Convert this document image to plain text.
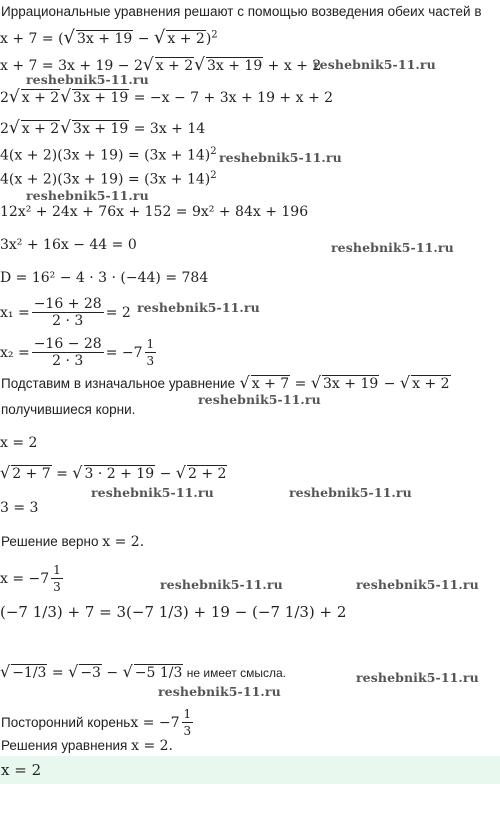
Иррациональные уравнения решают с помощью возведения обеих частей в
x + 7 = (√ 3x + 19 − √ x + 2)$^2$
x + 7 = 3x + 19 − 2√ x + 2√ 3x + 19 + x + 2
reshebnik5-11.ru
reshebnik5-11.ru
2√ x + 2√ 3x + 19 = −x − 7 + 3x + 19 + x + 2
2√ x + 2√ 3x + 19 = 3x + 14
$4(x + 2)(3x + 19) = (3x + 14)^2$ reshebnik5-11.ru
$4(x + 2)(3x + 19) = (3x + 14)^2$
reshebnik5-11.ru
12x² + 24x + 76x + 152 = 9x² + 84x + 196
3x² + 16x − 44 = 0	reshebnik5-11.ru
D = 16² − 4 · 3 · (−44) = 784
$x_1 = \frac{-16 + 28}{2 \cdot 3} = 2$ reshebnik5-11.ru
$x_2 = \frac{-16 - 28}{2 \cdot 3} = -7 \frac{1}{3}$
Подставим в изначальное уравнение √ x + 7 = √ 3x + 19 − √ x + 2
reshebnik5-11.ru
получившиеся корни.
x = 2
√ 2 + 7 = √ 3 · 2 + 19 − √ 2 + 2
reshebnik5-11.ru	reshebnik5-11.ru
3 = 3
Решение верно x = 2.
$x = -7 \frac{1}{3}$	reshebnik5-11.ru	reshebnik5-11.ru
(−7 1/3) + 7 = 3(−7 1/3) + 19 − (−7 1/3) + 2
√ −1/3 = √ −3 − √ −5 1/3 не имеет смысла.
reshebnik5-11.ru
reshebnik5-11.ru
Посторонний корень $x = -7 \frac{1}{3}$
Решения уравнения x = 2.
x = 2
